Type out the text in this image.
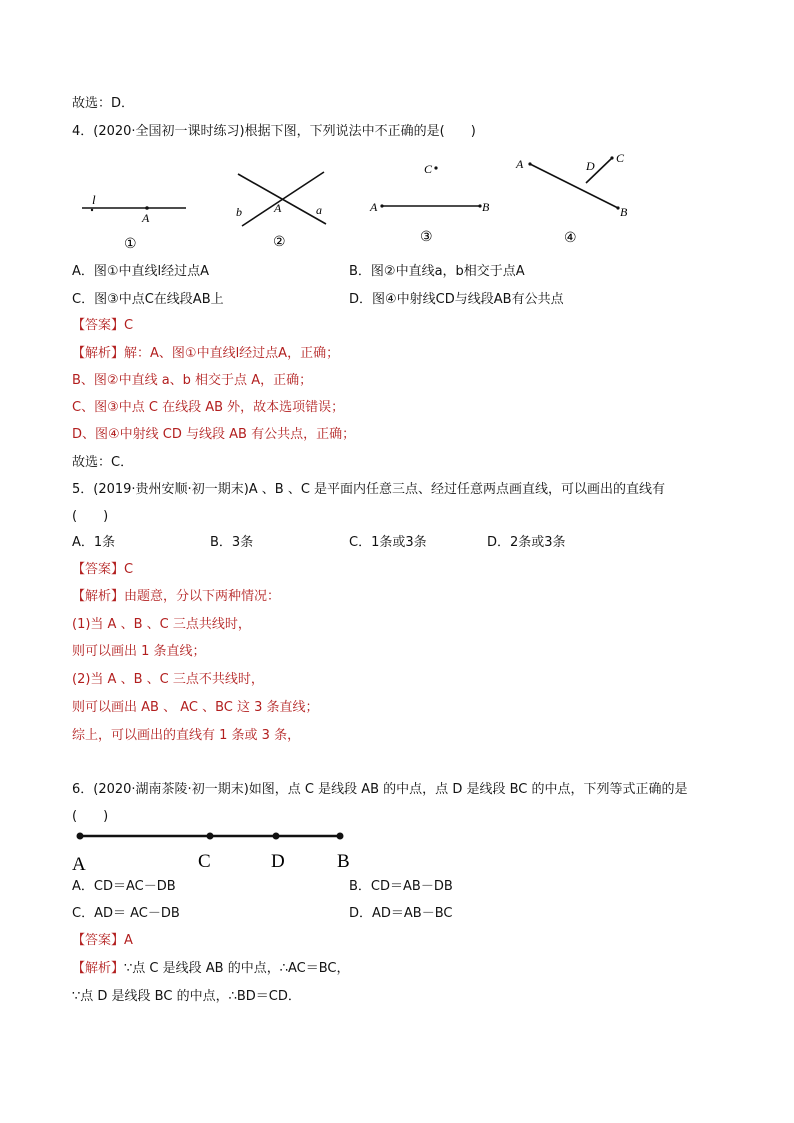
故选：D．
4．(2020·全国初一课时练习)根据下图，下列说法中不正确的是(　　)
l
A
①
A
b	a
②
C
A	B
③
A
B
C
D
④
A．图①中直线l经过点A	B．图②中直线a，b相交于点A
C．图③中点C在线段AB上	D．图④中射线CD与线段AB有公共点
【答案】C
【解析】解：A、图①中直线l经过点A，正确；
B、图②中直线 a、b 相交于点 A，正确；
C、图③中点 C 在线段 AB 外，故本选项错误；
D、图④中射线 CD 与线段 AB 有公共点，正确；
故选：C．
5．(2019·贵州安顺·初一期末)A 、B 、C 是平面内任意三点、经过任意两点画直线，可以画出的直线有
(　　)
A．1条	B．3条	C．1条或3条	D．2条或3条
【答案】C
【解析】由题意，分以下两种情况：
(1)当 A 、B 、C 三点共线时，
则可以画出 1 条直线；
(2)当 A 、B 、C 三点不共线时，
则可以画出 AB 、 AC 、BC 这 3 条直线；
综上，可以画出的直线有 1 条或 3 条，
6．(2020·湖南茶陵·初一期末)如图，点 C 是线段 AB 的中点，点 D 是线段 BC 的中点，下列等式正确的是
(　　)
A	C	D	B
A．CD＝AC－DB	B．CD＝AB－DB
C．AD＝ AC－DB	D．AD＝AB－BC
【答案】A
【解析】∵点 C 是线段 AB 的中点，∴AC＝BC，
∵点 D 是线段 BC 的中点，∴BD＝CD．
